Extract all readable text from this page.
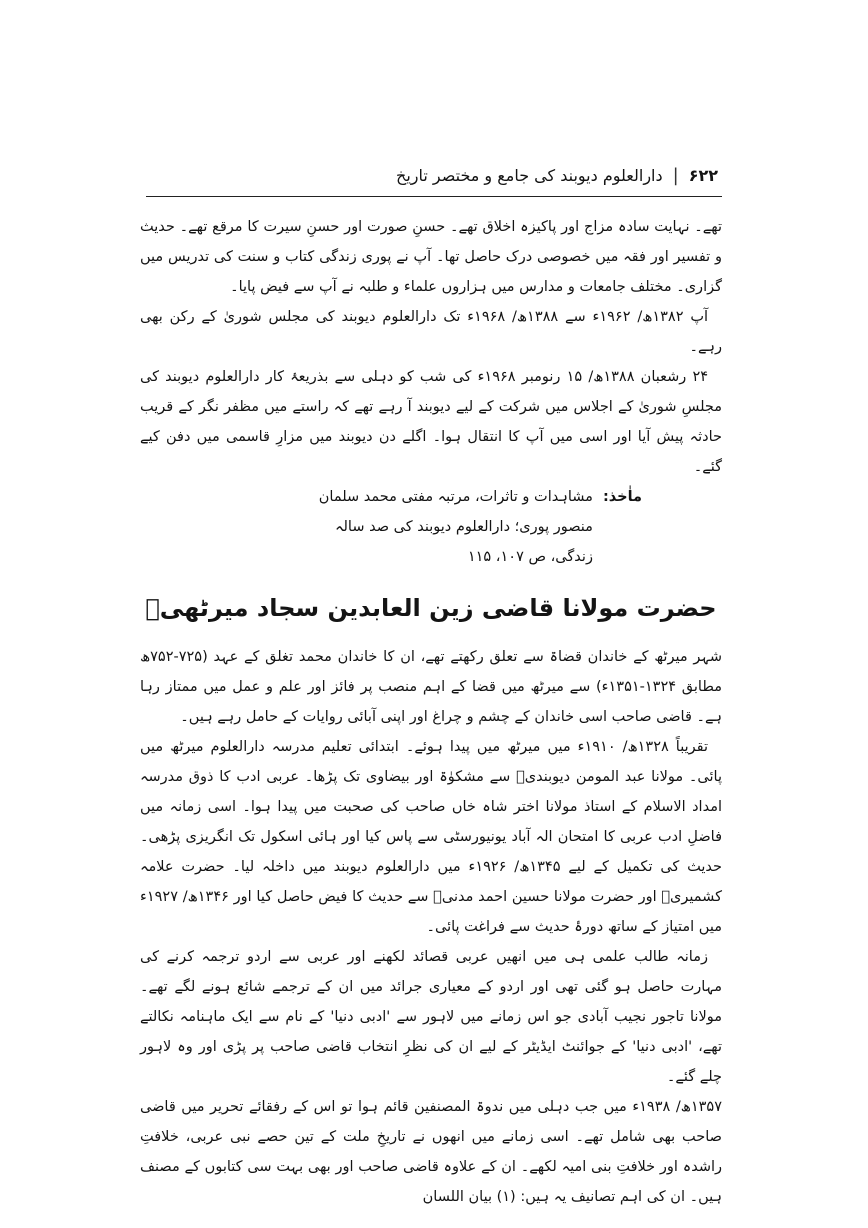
۶۲۲
|
دارالعلوم دیوبند کی جامع و مختصر تاریخ

تھے۔ نہایت سادہ مزاج اور پاکیزہ اخلاق تھے۔ حسنِ صورت اور حسنِ سیرت کا مرقع تھے۔ حدیث و تفسیر اور فقہ میں خصوصی درک حاصل تھا۔ آپ نے پوری زندگی کتاب و سنت کی تدریس میں گزاری۔ مختلف جامعات و مدارس میں ہزاروں علماء و طلبہ نے آپ سے فیض پایا۔

آپ ۱۳۸۲ھ/ ۱۹۶۲ء سے ۱۳۸۸ھ/ ۱۹۶۸ء تک دارالعلوم دیوبند کی مجلس شوریٰ کے رکن بھی رہے۔

۲۴ رشعبان ۱۳۸۸ھ/ ۱۵ رنومبر ۱۹۶۸ء کی شب کو دہلی سے بذریعۂ کار دارالعلوم دیوبند کی مجلسِ شوریٰ کے اجلاس میں شرکت کے لیے دیوبند آ رہے تھے کہ راستے میں مظفر نگر کے قریب حادثہ پیش آیا اور اسی میں آپ کا انتقال ہوا۔ اگلے دن دیوبند میں مزارِ قاسمی میں دفن کیے گئے۔

ماٰخذ:
مشاہدات و تاثرات، مرتبہ مفتی محمد سلمان منصور پوری؛ دارالعلوم دیوبند کی صد سالہ زندگی، ص ۱۰۷، ۱۱۵
حضرت مولانا قاضی زین العابدین سجاد میرٹھیؒ

شہر میرٹھ کے خاندان قضاۃ سے تعلق رکھتے تھے، ان کا خاندان محمد تغلق کے عہد (۷۲۵-۷۵۲ھ مطابق ۱۳۲۴-۱۳۵۱ء) سے میرٹھ میں قضا کے اہم منصب پر فائز اور علم و عمل میں ممتاز رہا ہے۔ قاضی صاحب اسی خاندان کے چشم و چراغ اور اپنی آبائی روایات کے حامل رہے ہیں۔

تقریباً ۱۳۲۸ھ/ ۱۹۱۰ء میں میرٹھ میں پیدا ہوئے۔ ابتدائی تعلیم مدرسہ دارالعلوم میرٹھ میں پائی۔ مولانا عبد المومن دیوبندیؒ سے مشکوٰۃ اور بیضاوی تک پڑھا۔ عربی ادب کا ذوق مدرسہ امداد الاسلام کے استاذ مولانا اختر شاہ خاں صاحب کی صحبت میں پیدا ہوا۔ اسی زمانہ میں فاضلِ ادب عربی کا امتحان الہ آباد یونیورسٹی سے پاس کیا اور ہائی اسکول تک انگریزی پڑھی۔ حدیث کی تکمیل کے لیے ۱۳۴۵ھ/ ۱۹۲۶ء میں دارالعلوم دیوبند میں داخلہ لیا۔ حضرت علامہ کشمیریؒ اور حضرت مولانا حسین احمد مدنیؒ سے حدیث کا فیض حاصل کیا اور ۱۳۴۶ھ/ ۱۹۲۷ء میں امتیاز کے ساتھ دورۂ حدیث سے فراغت پائی۔

زمانہ طالب علمی ہی میں انھیں عربی قصائد لکھنے اور عربی سے اردو ترجمہ کرنے کی مہارت حاصل ہو گئی تھی اور اردو کے معیاری جرائد میں ان کے ترجمے شائع ہونے لگے تھے۔ مولانا تاجور نجیب آبادی جو اس زمانے میں لاہور سے 'ادبی دنیا' کے نام سے ایک ماہنامہ نکالتے تھے، 'ادبی دنیا' کے جوائنٹ ایڈیٹر کے لیے ان کی نظرِ انتخاب قاضی صاحب پر پڑی اور وہ لاہور چلے گئے۔

۱۳۵۷ھ/ ۱۹۳۸ء میں جب دہلی میں ندوۃ المصنفین قائم ہوا تو اس کے رفقائے تحریر میں قاضی صاحب بھی شامل تھے۔ اسی زمانے میں انھوں نے تاریخِ ملت کے تین حصے نبی عربی، خلافتِ راشدہ اور خلافتِ بنی امیہ لکھے۔ ان کے علاوہ قاضی صاحب اور بھی بہت سی کتابوں کے مصنف ہیں۔ ان کی اہم تصانیف یہ ہیں: (۱) بیان اللسان
